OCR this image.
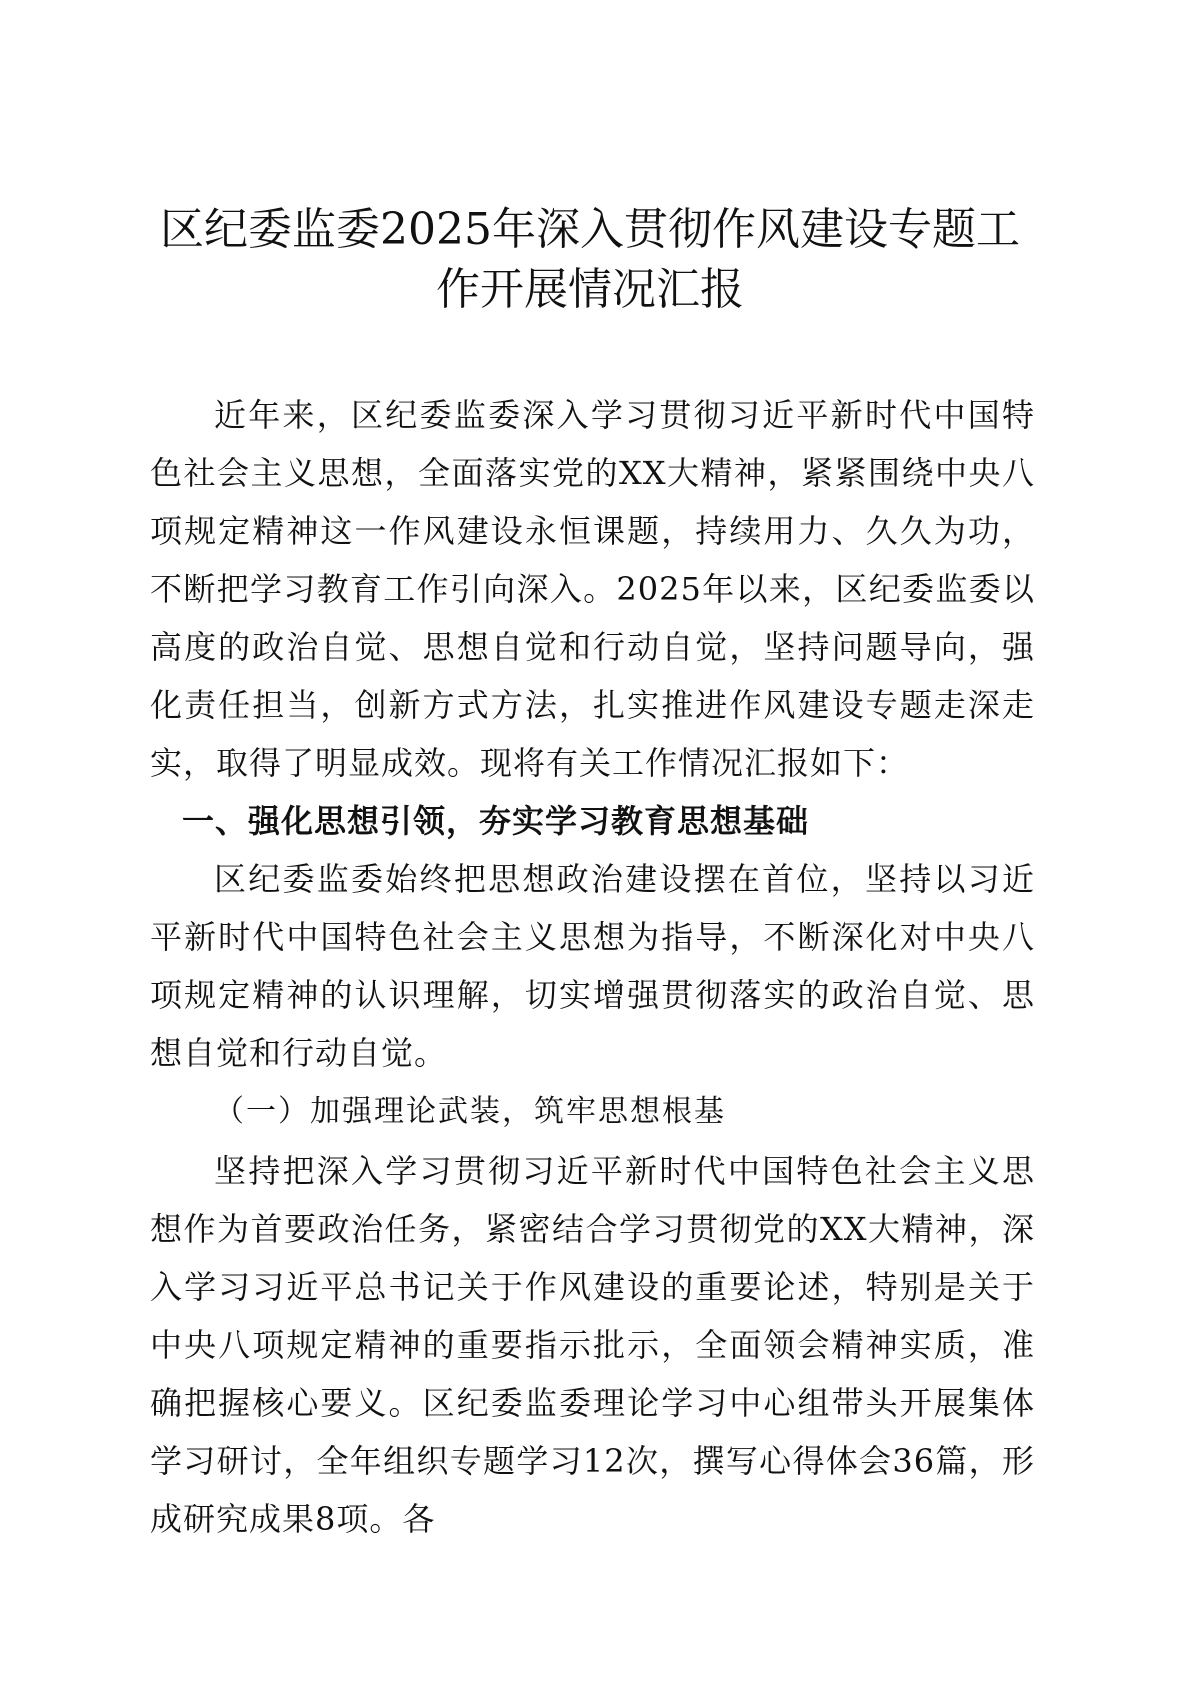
区纪委监委2025年深入贯彻作风建设专题工作开展情况汇报

近年来，区纪委监委深入学习贯彻习近平新时代中国特色社会主义思想，全面落实党的XX大精神，紧紧围绕中央八项规定精神这一作风建设永恒课题，持续用力、久久为功，不断把学习教育工作引向深入。2025年以来，区纪委监委以高度的政治自觉、思想自觉和行动自觉，坚持问题导向，强化责任担当，创新方式方法，扎实推进作风建设专题走深走实，取得了明显成效。现将有关工作情况汇报如下：

一、强化思想引领，夯实学习教育思想基础

区纪委监委始终把思想政治建设摆在首位，坚持以习近平新时代中国特色社会主义思想为指导，不断深化对中央八项规定精神的认识理解，切实增强贯彻落实的政治自觉、思想自觉和行动自觉。

（一）加强理论武装，筑牢思想根基

坚持把深入学习贯彻习近平新时代中国特色社会主义思想作为首要政治任务，紧密结合学习贯彻党的XX大精神，深入学习习近平总书记关于作风建设的重要论述，特别是关于中央八项规定精神的重要指示批示，全面领会精神实质，准确把握核心要义。区纪委监委理论学习中心组带头开展集体学习研讨，全年组织专题学习12次，撰写心得体会36篇，形成研究成果8项。各
